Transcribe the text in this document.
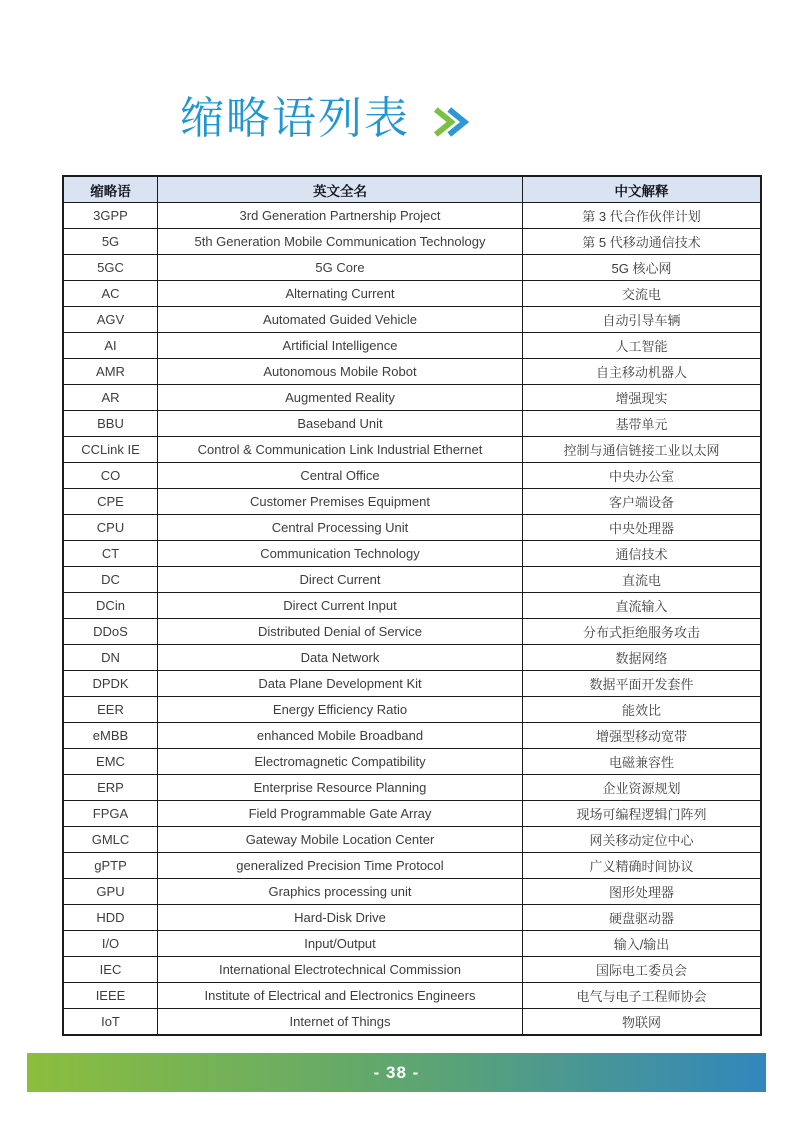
缩略语列表
缩略语	英文全名	中文解释
3GPP	3rd Generation Partnership Project	第 3 代合作伙伴计划
5G	5th Generation Mobile Communication Technology	第 5 代移动通信技术
5GC	5G Core	5G 核心网
AC	Alternating Current	交流电
AGV	Automated Guided Vehicle	自动引导车辆
AI	Artificial Intelligence	人工智能
AMR	Autonomous Mobile Robot	自主移动机器人
AR	Augmented Reality	增强现实
BBU	Baseband Unit	基带单元
CCLink IE	Control & Communication Link Industrial Ethernet	控制与通信链接工业以太网
CO	Central Office	中央办公室
CPE	Customer Premises Equipment	客户端设备
CPU	Central Processing Unit	中央处理器
CT	Communication Technology	通信技术
DC	Direct Current	直流电
DCin	Direct Current Input	直流输入
DDoS	Distributed Denial of Service	分布式拒绝服务攻击
DN	Data Network	数据网络
DPDK	Data Plane Development Kit	数据平面开发套件
EER	Energy Efficiency Ratio	能效比
eMBB	enhanced Mobile Broadband	增强型移动宽带
EMC	Electromagnetic Compatibility	电磁兼容性
ERP	Enterprise Resource Planning	企业资源规划
FPGA	Field Programmable Gate Array	现场可编程逻辑门阵列
GMLC	Gateway Mobile Location Center	网关移动定位中心
gPTP	generalized Precision Time Protocol	广义精确时间协议
GPU	Graphics processing unit	图形处理器
HDD	Hard-Disk Drive	硬盘驱动器
I/O	Input/Output	输入/输出
IEC	International Electrotechnical Commission	国际电工委员会
IEEE	Institute of Electrical and Electronics Engineers	电气与电子工程师协会
IoT	Internet of Things	物联网
- 38 -
